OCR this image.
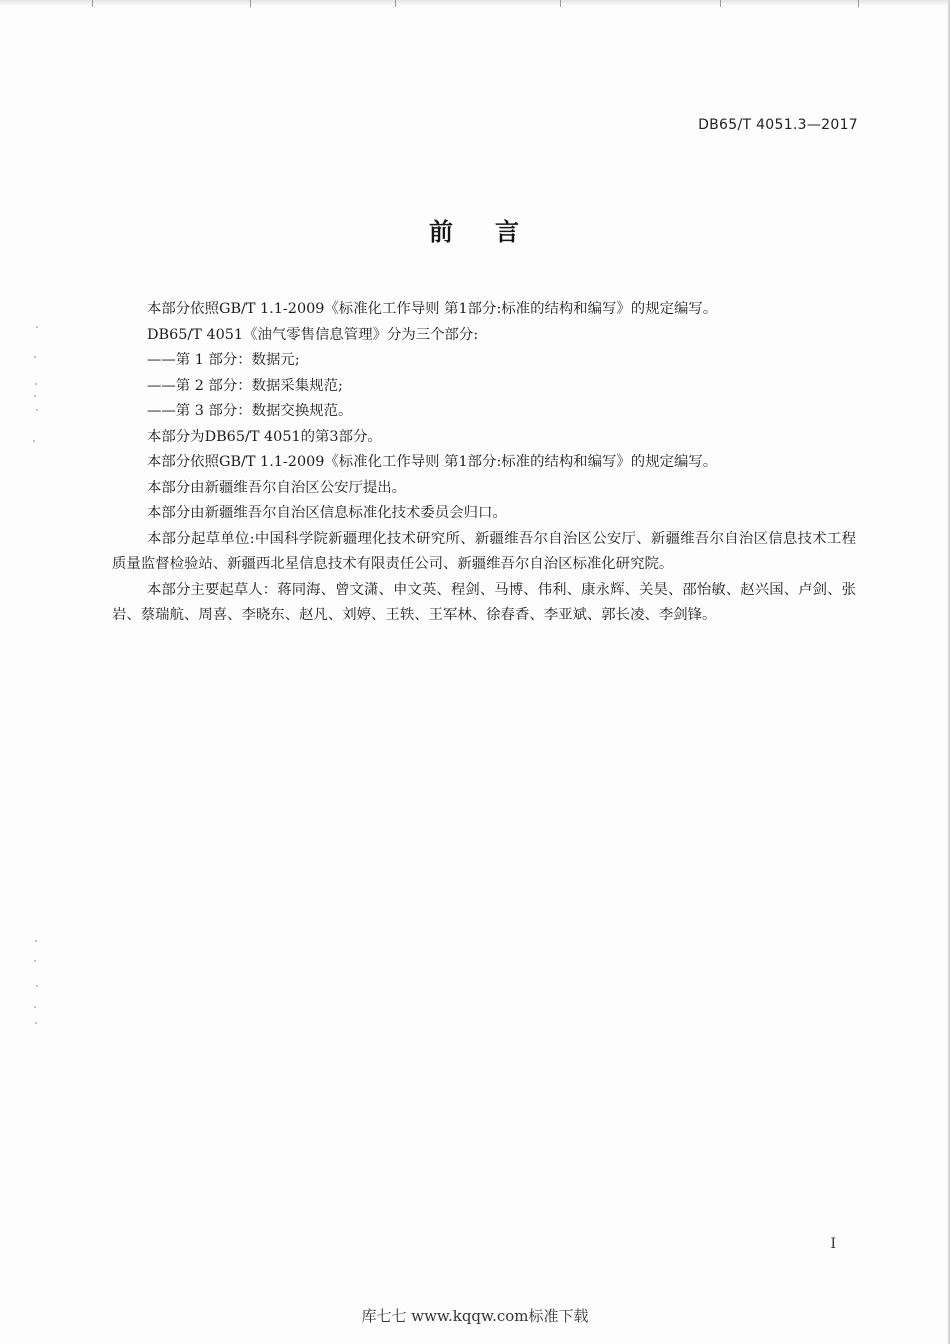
DB65/T 4051.3—2017
前 言

本部分依照GB/T 1.1-2009《标准化工作导则 第1部分:标准的结构和编写》的规定编写。

DB65/T 4051《油气零售信息管理》分为三个部分:

——第 1 部分：数据元;

——第 2 部分：数据采集规范;

——第 3 部分：数据交换规范。

本部分为DB65/T 4051的第3部分。

本部分依照GB/T 1.1-2009《标准化工作导则 第1部分:标准的结构和编写》的规定编写。

本部分由新疆维吾尔自治区公安厅提出。

本部分由新疆维吾尔自治区信息标准化技术委员会归口。

本部分起草单位:中国科学院新疆理化技术研究所、新疆维吾尔自治区公安厅、新疆维吾尔自治区信息技术工程质量监督检验站、新疆西北星信息技术有限责任公司、新疆维吾尔自治区标准化研究院。

本部分主要起草人：蒋同海、曾文潇、申文英、程剑、马博、伟利、康永辉、关昊、邵怡敏、赵兴国、卢剑、张岩、蔡瑞航、周喜、李晓东、赵凡、刘婷、王轶、王军林、徐春香、李亚斌、郭长凌、李剑锋。

I
库七七 www.kqqw.com标准下载
